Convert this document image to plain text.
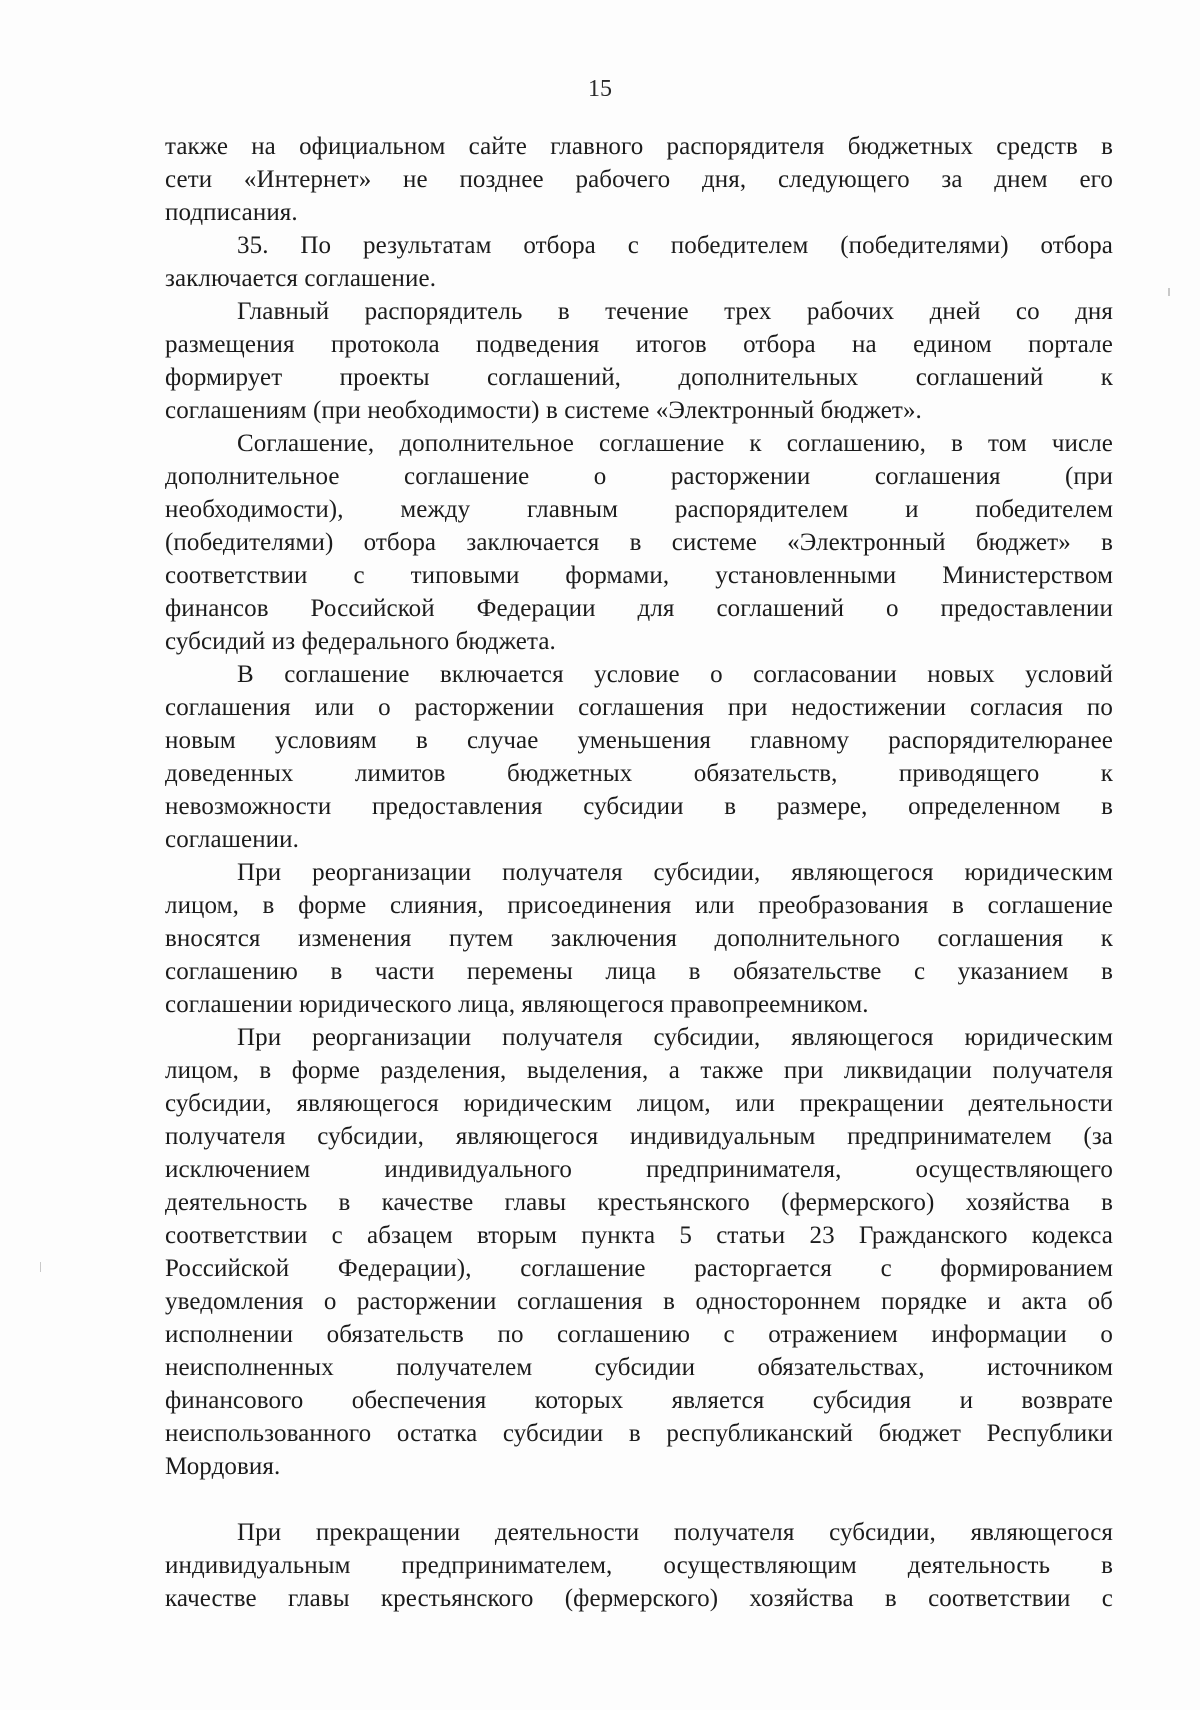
15
также на официальном сайте главного распорядителя бюджетных средств в
сети «Интернет» не позднее рабочего дня, следующего за днем его
подписания.
35. По результатам отбора с победителем (победителями) отбора
заключается соглашение.
Главный распорядитель в течение трех рабочих дней со дня
размещения протокола подведения итогов отбора на едином портале
формирует проекты соглашений, дополнительных соглашений к
соглашениям (при необходимости) в системе «Электронный бюджет».
Соглашение, дополнительное соглашение к соглашению, в том числе
дополнительное соглашение о расторжении соглашения (при
необходимости), между главным распорядителем и победителем
(победителями) отбора заключается в системе «Электронный бюджет» в
соответствии с типовыми формами, установленными Министерством
финансов Российской Федерации для соглашений о предоставлении
субсидий из федерального бюджета.
В соглашение включается условие о согласовании новых условий
соглашения или о расторжении соглашения при недостижении согласия по
новым условиям в случае уменьшения главному распорядителюранее
доведенных лимитов бюджетных обязательств, приводящего к
невозможности предоставления субсидии в размере, определенном в
соглашении.
При реорганизации получателя субсидии, являющегося юридическим
лицом, в форме слияния, присоединения или преобразования в соглашение
вносятся изменения путем заключения дополнительного соглашения к
соглашению в части перемены лица в обязательстве с указанием в
соглашении юридического лица, являющегося правопреемником.
При реорганизации получателя субсидии, являющегося юридическим
лицом, в форме разделения, выделения, а также при ликвидации получателя
субсидии, являющегося юридическим лицом, или прекращении деятельности
получателя субсидии, являющегося индивидуальным предпринимателем (за
исключением индивидуального предпринимателя, осуществляющего
деятельность в качестве главы крестьянского (фермерского) хозяйства в
соответствии с абзацем вторым пункта 5 статьи 23 Гражданского кодекса
Российской Федерации), соглашение расторгается с формированием
уведомления о расторжении соглашения в одностороннем порядке и акта об
исполнении обязательств по соглашению с отражением информации о
неисполненных получателем субсидии обязательствах, источником
финансового обеспечения которых является субсидия и возврате
неиспользованного остатка субсидии в республиканский бюджет Республики
Мордовия.
При прекращении деятельности получателя субсидии, являющегося
индивидуальным предпринимателем, осуществляющим деятельность в
качестве главы крестьянского (фермерского) хозяйства в соответствии с
